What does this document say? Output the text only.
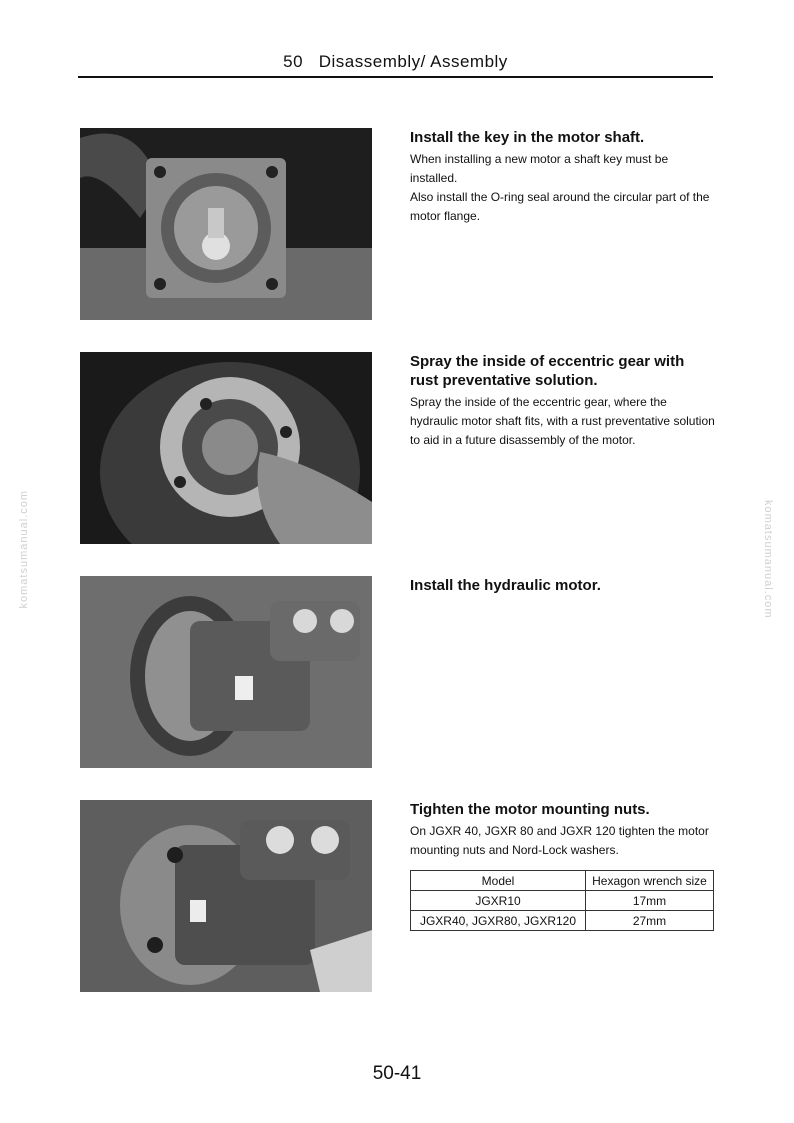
50   Disassembly/ Assembly
komatsumanual.com	komatsumanual.com
Install the key in the motor shaft.

When installing a new motor a shaft key must be installed.

Also install the O-ring seal around the circular part of the motor flange.

Spray the inside of eccentric gear with rust preventative solution.

Spray the inside of the eccentric gear, where the hydraulic motor shaft fits, with a rust preventative solution to aid in a future disassembly of the motor.

Install the hydraulic motor.
Tighten the motor mounting nuts.

On JGXR 40, JGXR 80 and JGXR 120 tighten the motor mounting nuts and Nord-Lock washers.

Model	Hexagon wrench size
JGXR10	17mm
JGXR40, JGXR80, JGXR120	27mm
50-41
